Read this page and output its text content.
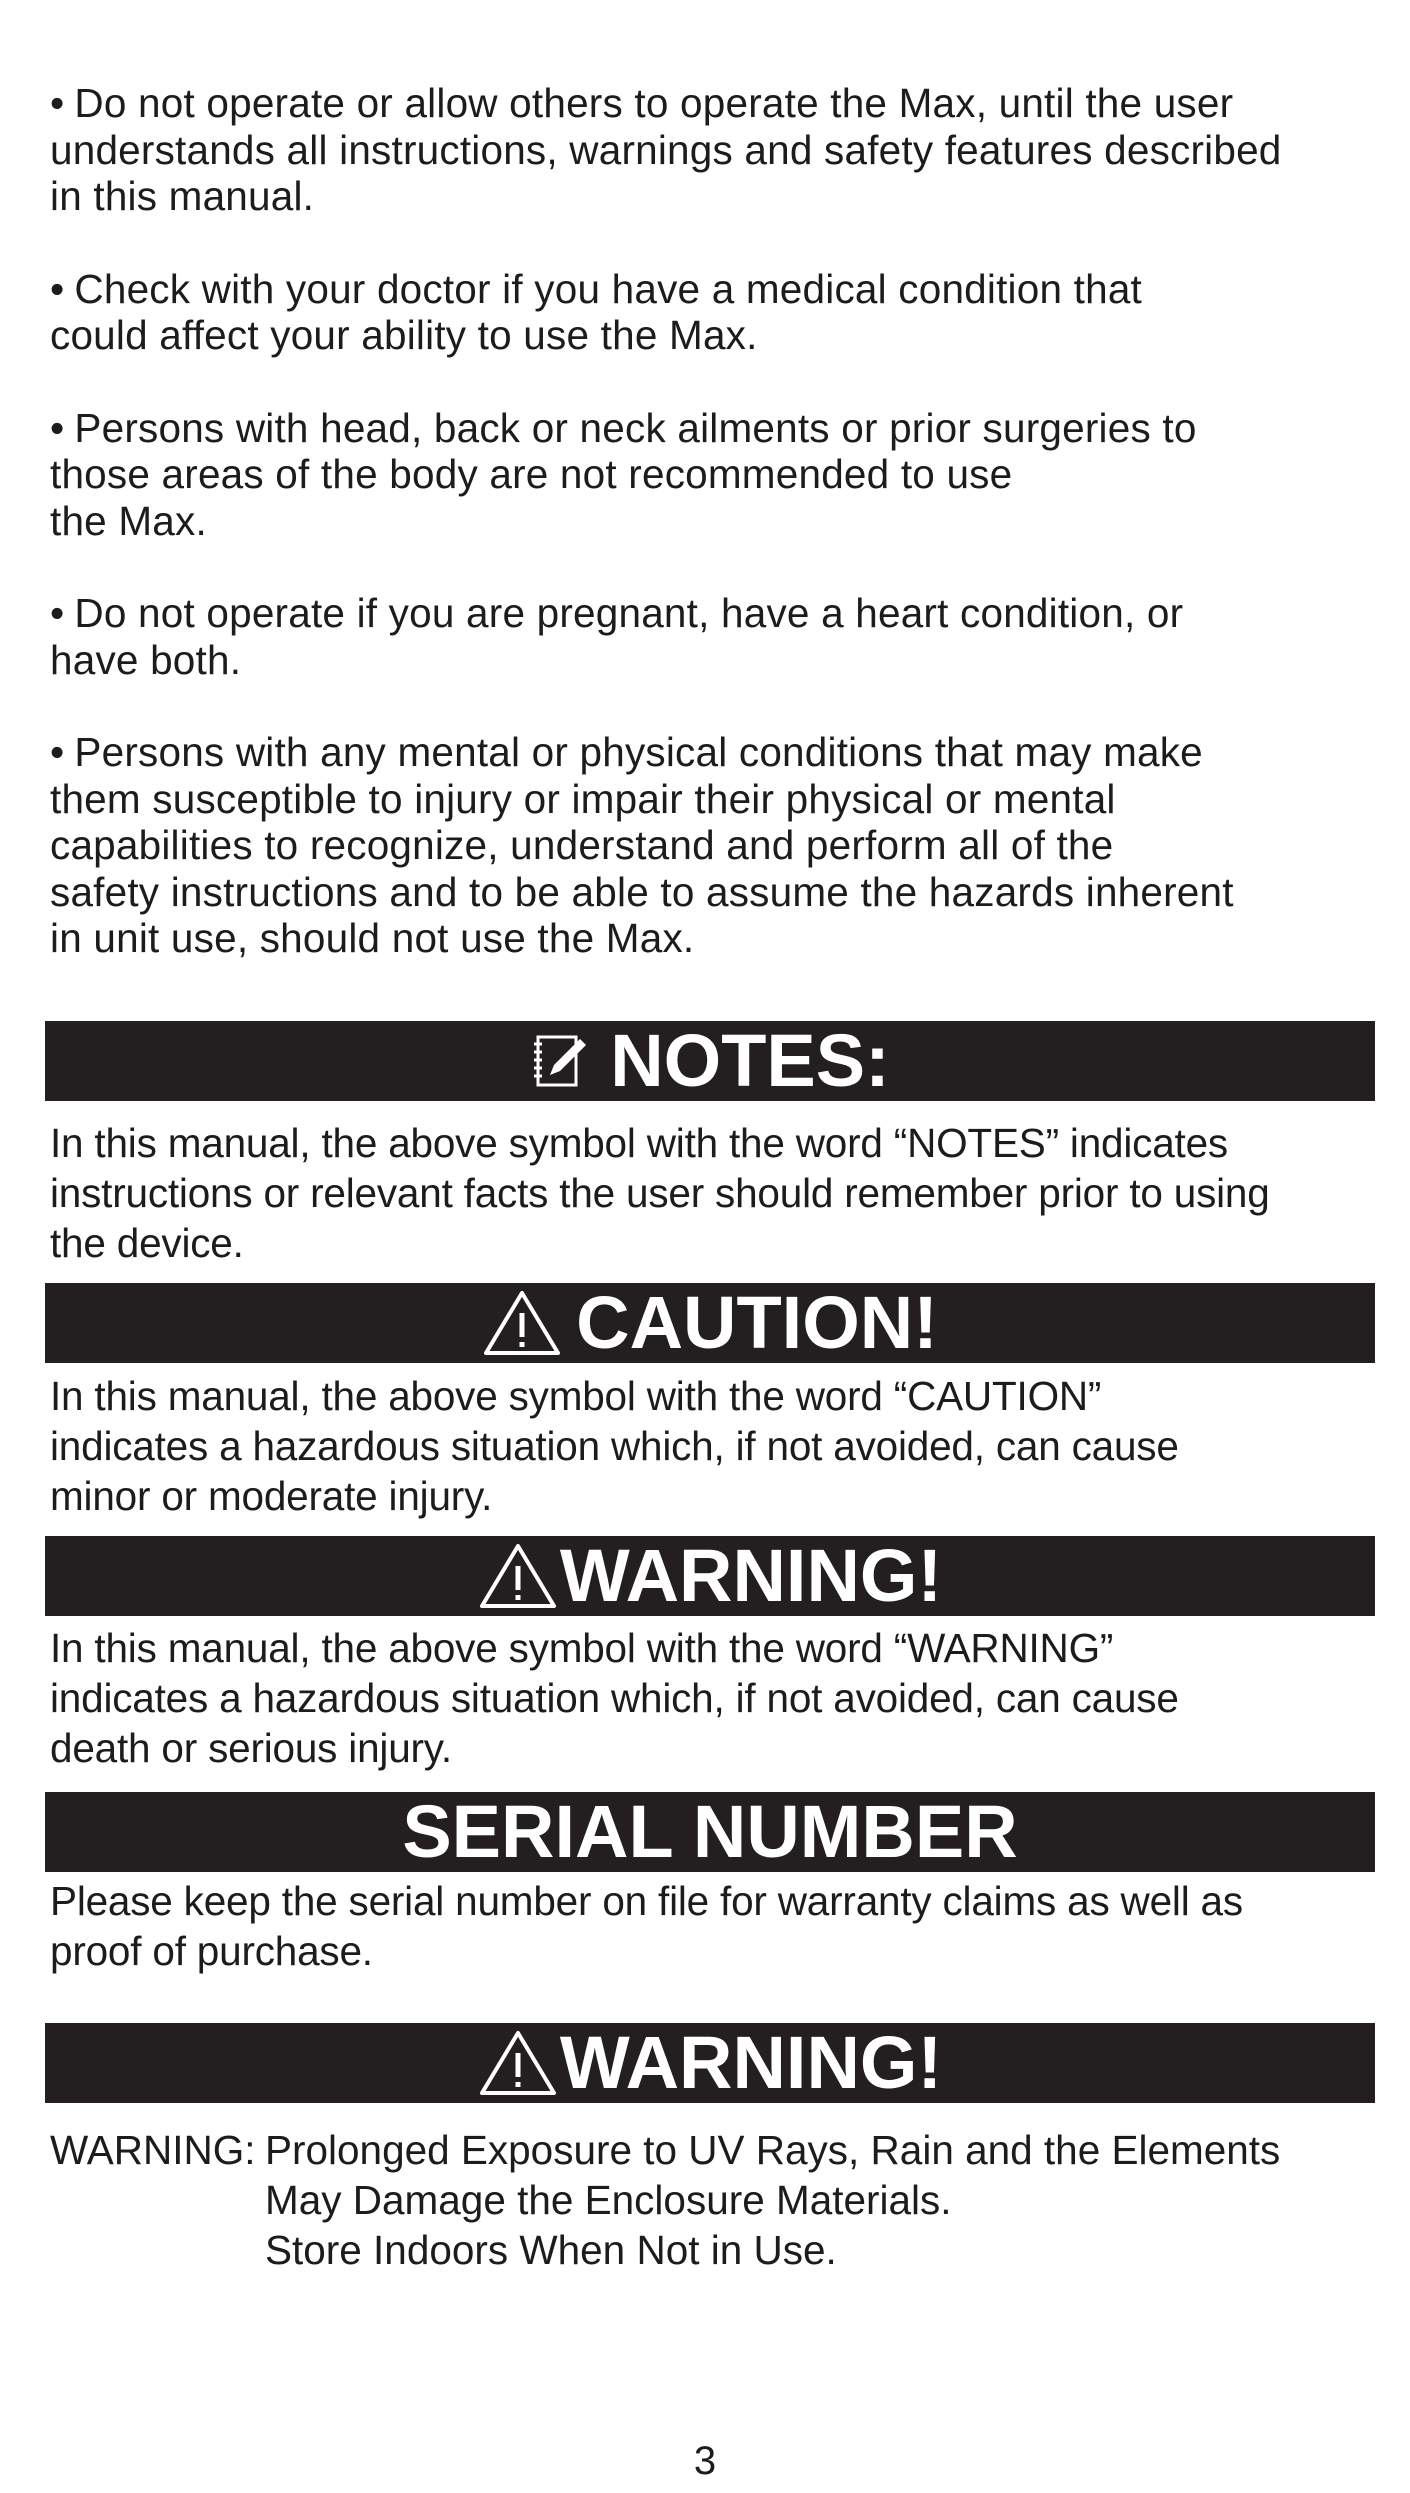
• Do not operate or allow others to operate the Max, until the user
understands all instructions, warnings and safety features described
in this manual.
• Check with your doctor if you have a medical condition that
could affect your ability to use the Max.
• Persons with head, back or neck ailments or prior surgeries to
those areas of the body are not recommended to use
the Max.
• Do not operate if you are pregnant, have a heart condition, or
have both.
• Persons with any mental or physical conditions that may make
them susceptible to injury or impair their physical or mental
capabilities to recognize, understand and perform all of the
safety instructions and to be able to assume the hazards inherent
in unit use, should not use the Max.
NOTES:
In this manual, the above symbol with the word “NOTES” indicates
instructions or relevant facts the user should remember prior to using
the device.
CAUTION!
In this manual, the above symbol with the word “CAUTION”
indicates a hazardous situation which, if not avoided, can cause
minor or moderate injury.
WARNING!
In this manual, the above symbol with the word “WARNING”
indicates a hazardous situation which, if not avoided, can cause
death or serious injury.
SERIAL NUMBER
Please keep the serial number on file for warranty claims as well as
proof of purchase.
WARNING!
WARNING: Prolonged Exposure to UV Rays, Rain and the Elements
May Damage the Enclosure Materials.
Store Indoors When Not in Use.
3
